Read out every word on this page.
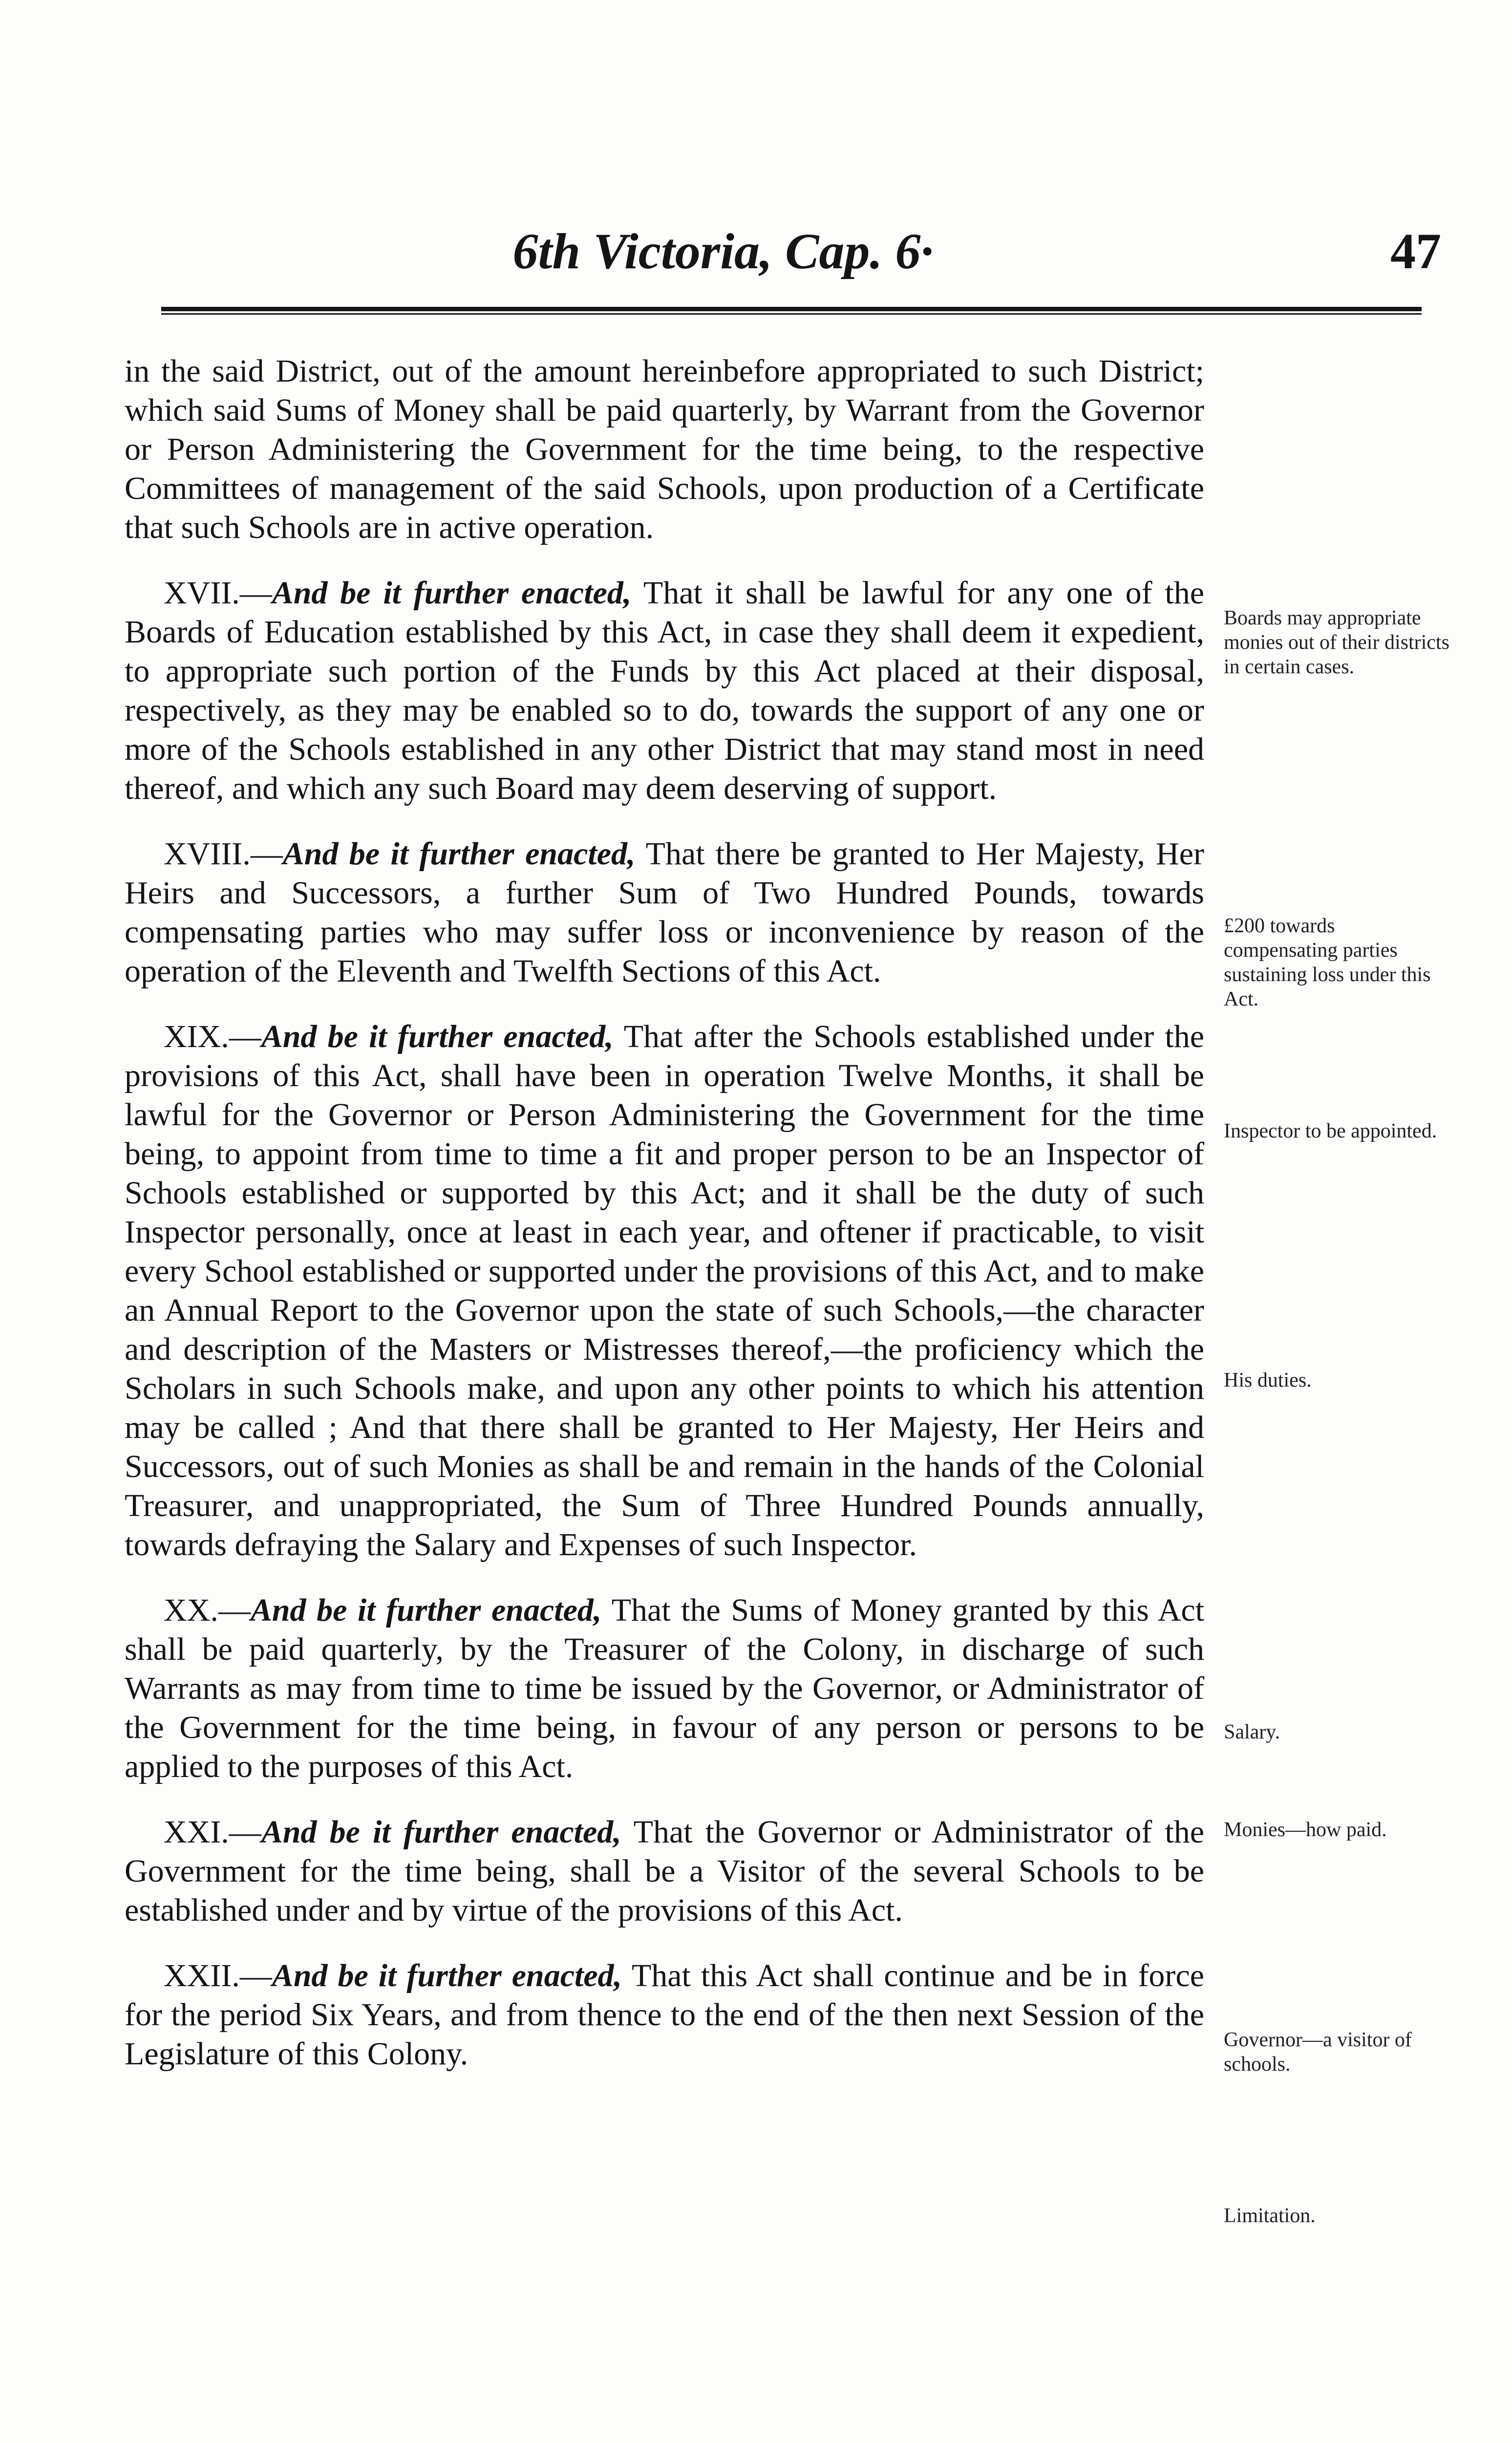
6th Victoria, Cap. 6·	47

in the said District, out of the amount hereinbefore appropriated to such District; which said Sums of Money shall be paid quarterly, by Warrant from the Governor or Person Administering the Government for the time being, to the respective Committees of management of the said Schools, upon production of a Certificate that such Schools are in active operation.

XVII.—And be it further enacted, That it shall be lawful for any one of the Boards of Education established by this Act, in case they shall deem it expedient, to appropriate such portion of the Funds by this Act placed at their disposal, respectively, as they may be enabled so to do, towards the support of any one or more of the Schools established in any other District that may stand most in need thereof, and which any such Board may deem deserving of support.

XVIII.—And be it further enacted, That there be granted to Her Majesty, Her Heirs and Successors, a further Sum of Two Hundred Pounds, towards compensating parties who may suffer loss or inconvenience by reason of the operation of the Eleventh and Twelfth Sections of this Act.

XIX.—And be it further enacted, That after the Schools established under the provisions of this Act, shall have been in operation Twelve Months, it shall be lawful for the Governor or Person Administering the Government for the time being, to appoint from time to time a fit and proper person to be an Inspector of Schools established or supported by this Act; and it shall be the duty of such Inspector personally, once at least in each year, and oftener if practicable, to visit every School established or supported under the provisions of this Act, and to make an Annual Report to the Governor upon the state of such Schools,—the character and description of the Masters or Mistresses thereof,—the proficiency which the Scholars in such Schools make, and upon any other points to which his attention may be called ; And that there shall be granted to Her Majesty, Her Heirs and Successors, out of such Monies as shall be and remain in the hands of the Colonial Treasurer, and unappropriated, the Sum of Three Hundred Pounds annually, towards defraying the Salary and Expenses of such Inspector.

XX.—And be it further enacted, That the Sums of Money granted by this Act shall be paid quarterly, by the Treasurer of the Colony, in discharge of such Warrants as may from time to time be issued by the Governor, or Administrator of the Government for the time being, in favour of any person or persons to be applied to the purposes of this Act.

XXI.—And be it further enacted, That the Governor or Administrator of the Government for the time being, shall be a Visitor of the several Schools to be established under and by virtue of the provisions of this Act.

XXII.—And be it further enacted, That this Act shall continue and be in force for the period Six Years, and from thence to the end of the then next Session of the Legislature of this Colony.

Boards may appropriate monies out of their districts in certain cases.
£200 towards compensating parties sustaining loss under this Act.
Inspector to be appointed.
His duties.
Salary.
Monies—how paid.
Governor—a visitor of schools.
Limitation.
